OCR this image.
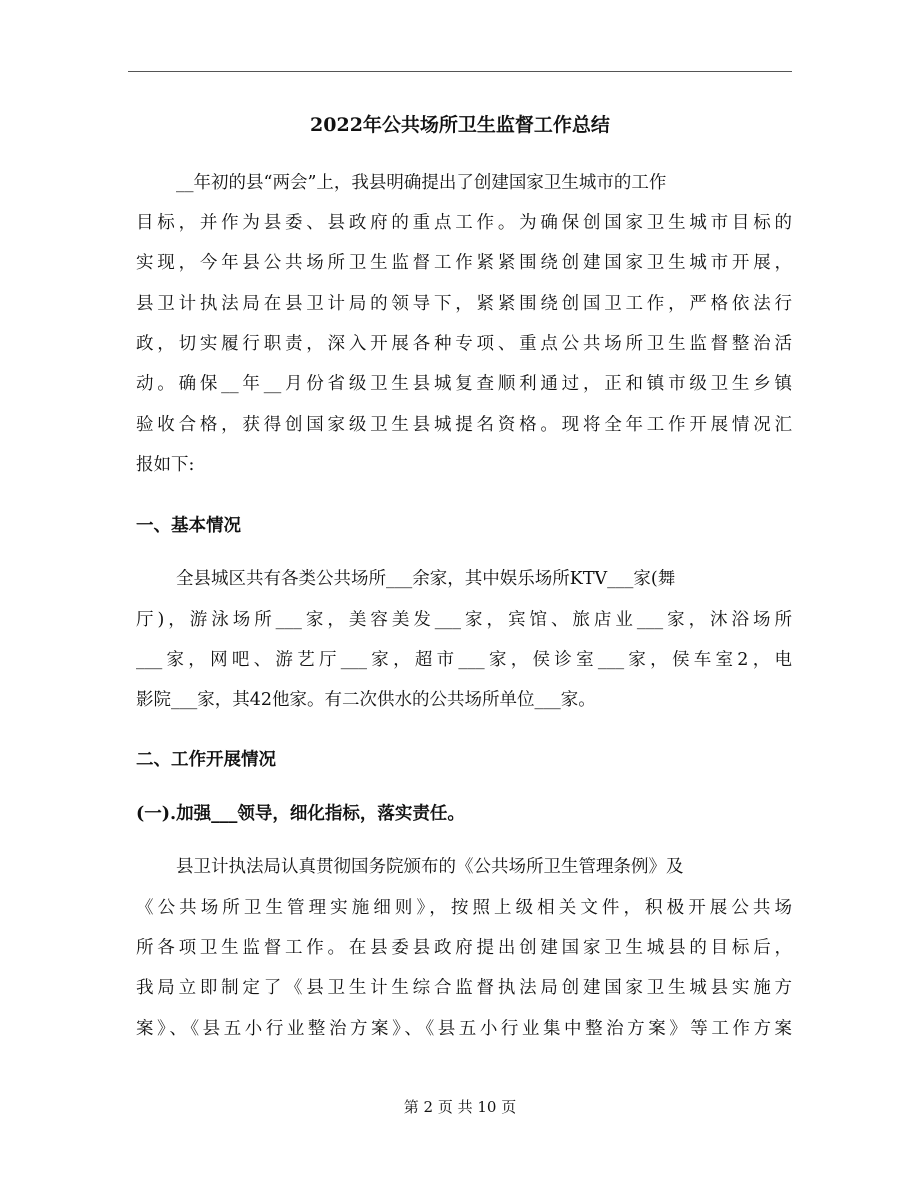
2022年公共场所卫生监督工作总结
__年初的县“两会”上，我县明确提出了创建国家卫生城市的工作
目标，并作为县委、县政府的重点工作。为确保创国家卫生城市目标的
实现，今年县公共场所卫生监督工作紧紧围绕创建国家卫生城市开展，
县卫计执法局在县卫计局的领导下，紧紧围绕创国卫工作，严格依法行
政，切实履行职责，深入开展各种专项、重点公共场所卫生监督整治活
动。确保__年__月份省级卫生县城复查顺利通过，正和镇市级卫生乡镇
验收合格，获得创国家级卫生县城提名资格。现将全年工作开展情况汇
报如下:
一、基本情况
全县城区共有各类公共场所___余家，其中娱乐场所KTV___家(舞
厅)，游泳场所___家，美容美发___家，宾馆、旅店业___家，沐浴场所
___家，网吧、游艺厅___家，超市___家，侯诊室___家，侯车室2，电
影院___家，其42他家。有二次供水的公共场所单位___家。
二、工作开展情况
(一).加强___领导，细化指标，落实责任。
县卫计执法局认真贯彻国务院颁布的《公共场所卫生管理条例》及
《公共场所卫生管理实施细则》，按照上级相关文件，积极开展公共场
所各项卫生监督工作。在县委县政府提出创建国家卫生城县的目标后，
我局立即制定了《县卫生计生综合监督执法局创建国家卫生城县实施方
案》、《县五小行业整治方案》、《县五小行业集中整治方案》等工作方案
第 2 页 共 10 页
